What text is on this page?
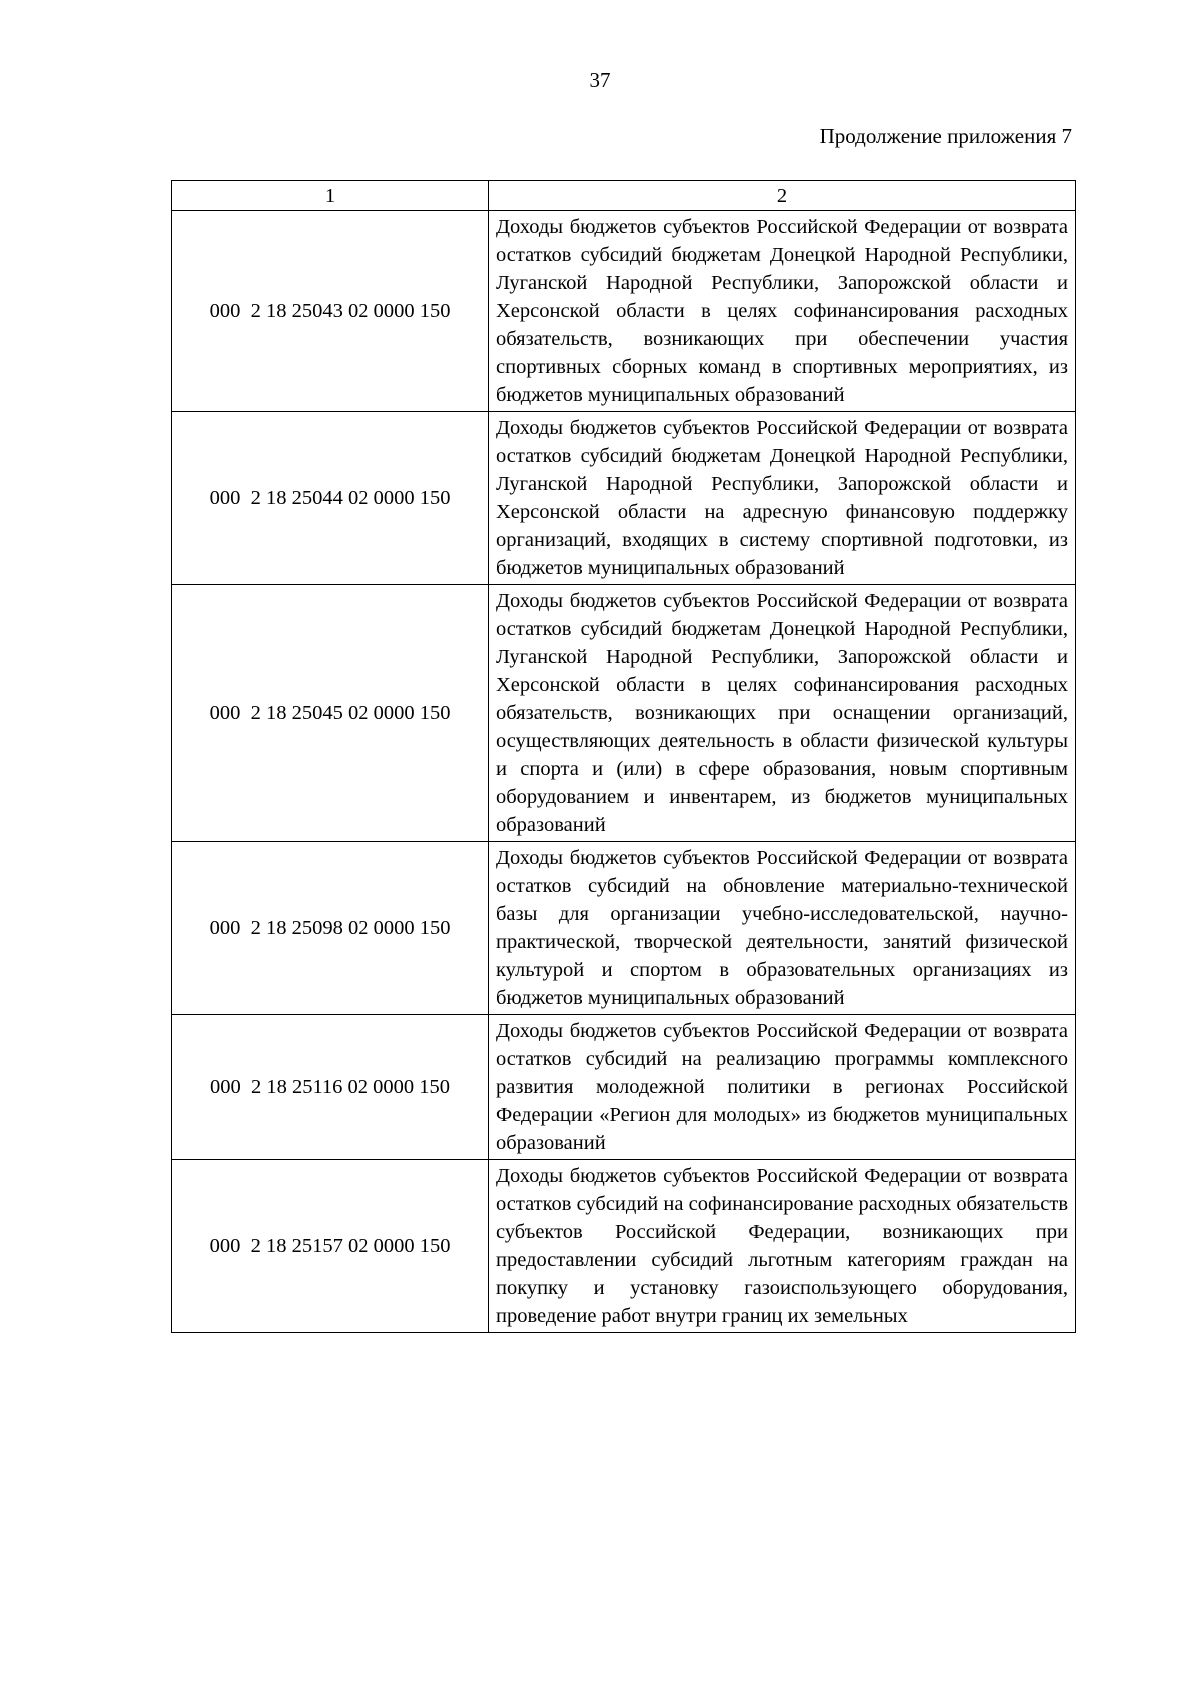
37
Продолжение приложения 7
1	2
000  2 18 25043 02 0000 150	Доходы бюджетов субъектов Российской Федерации от возврата остатков субсидий бюджетам Донецкой Народной Республики, Луганской Народной Республики, Запорожской области и Херсонской области в целях софинансирования расходных обязательств, возникающих при обеспечении участия спортивных сборных команд в спортивных мероприятиях, из бюджетов муниципальных образований

000  2 18 25044 02 0000 150	Доходы бюджетов субъектов Российской Федерации от возврата остатков субсидий бюджетам Донецкой Народной Республики, Луганской Народной Республики, Запорожской области и Херсонской области на адресную финансовую поддержку организаций, входящих в систему спортивной подготовки, из бюджетов муниципальных образований

000  2 18 25045 02 0000 150	Доходы бюджетов субъектов Российской Федерации от возврата остатков субсидий бюджетам Донецкой Народной Республики, Луганской Народной Республики, Запорожской области и Херсонской области в целях софинансирования расходных обязательств, возникающих при оснащении организаций, осуществляющих деятельность в области физической культуры и спорта и (или) в сфере образования, новым спортивным оборудованием и инвентарем, из бюджетов муниципальных образований

000  2 18 25098 02 0000 150	Доходы бюджетов субъектов Российской Федерации от возврата остатков субсидий на обновление материально-технической базы для организации учебно-исследовательской, научно-практической, творческой деятельности, занятий физической культурой и спортом в образовательных организациях из бюджетов муниципальных образований

000  2 18 25116 02 0000 150	Доходы бюджетов субъектов Российской Федерации от возврата остатков субсидий на реализацию программы комплексного развития молодежной политики в регионах Российской Федерации «Регион для молодых» из бюджетов муниципальных образований

000  2 18 25157 02 0000 150	Доходы бюджетов субъектов Российской Федерации от возврата остатков субсидий на софинансирование расходных обязательств субъектов Российской Федерации, возникающих при предоставлении субсидий льготным категориям граждан на покупку и установку газоиспользующего оборудования, проведение работ внутри границ их земельных
